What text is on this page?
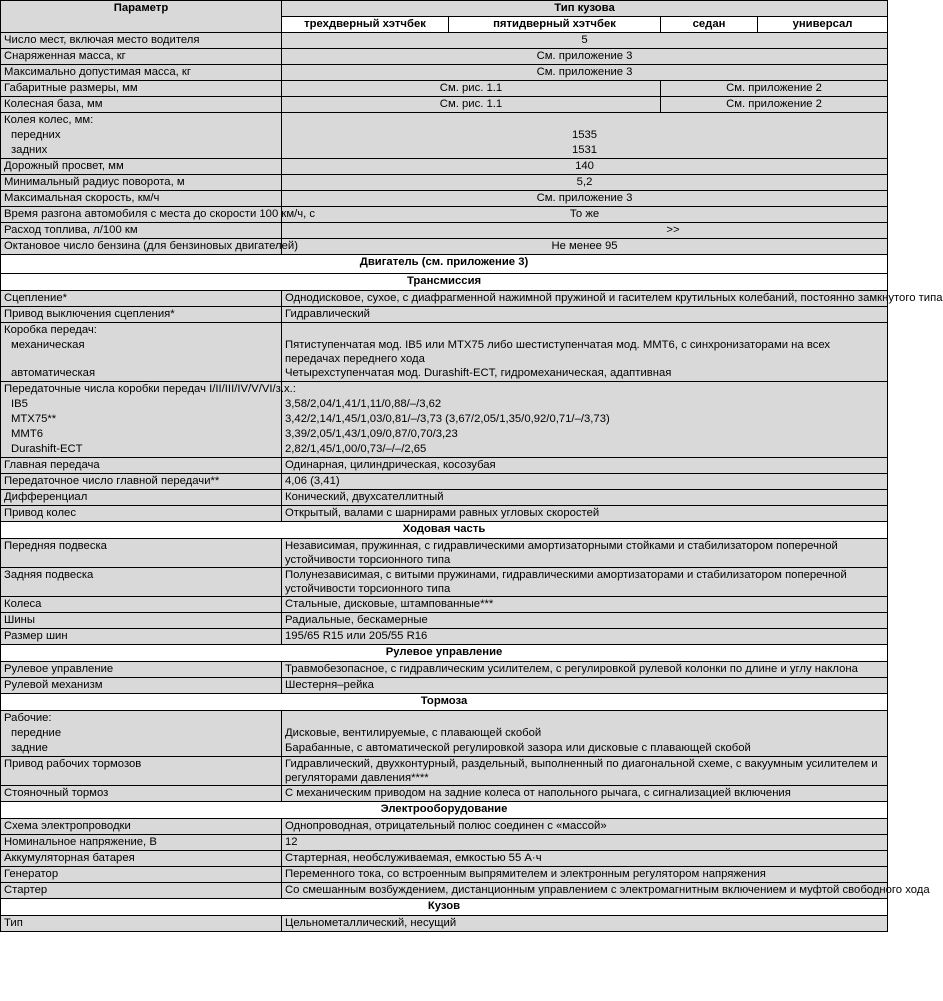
Параметр	Тип кузова			
	трехдверный хэтчбек	пятидверный хэтчбек	седан	универсал
Число мест, включая место водителя	5			
Снаряженная масса, кг	См. приложение 3			
Максимально допустимая масса, кг	См. приложение 3			
Габаритные размеры, мм	См. рис. 1.1		См. приложение 2	
Колесная база, мм	См. рис. 1.1		См. приложение 2	
Колея колес, мм:				
передних	1535			
задних	1531			
Дорожный просвет, мм	140			
Минимальный радиус поворота, м	5,2			
Максимальная скорость, км/ч	См. приложение 3			
Время разгона автомобиля с места до скорости 100 км/ч, с	То же			
Расход топлива, л/100 км	>>			
Октановое число бензина (для бензиновых двигателей)	Не менее 95			
Двигатель (см. приложение 3)				
Трансмиссия				
Сцепление*	Однодисковое, сухое, с диафрагменной нажимной пружиной и гасителем крутильных колебаний, постоянно замкнутого типа			
Привод выключения сцепления*	Гидравлический			
Коробка передач:				
механическая	Пятиступенчатая мод. IB5 или MTX75 либо шестиступенчатая мод. MMT6, с синхронизаторами на всех передачах переднего хода			
автоматическая	Четырехступенчатая мод. Durashift-ECT, гидромеханическая, адаптивная			
Передаточные числа коробки передач I/II/III/IV/V/VI/з.х.:				
IB5	3,58/2,04/1,41/1,11/0,88/–/3,62			
MTX75**	3,42/2,14/1,45/1,03/0,81/–/3,73 (3,67/2,05/1,35/0,92/0,71/–/3,73)			
MMT6	3,39/2,05/1,43/1,09/0,87/0,70/3,23			
Durashift-ECT	2,82/1,45/1,00/0,73/–/–/2,65			
Главная передача	Одинарная, цилиндрическая, косозубая			
Передаточное число главной передачи**	4,06 (3,41)			
Дифференциал	Конический, двухсателлитный			
Привод колес	Открытый, валами с шарнирами равных угловых скоростей			
Ходовая часть				
Передняя подвеска	Независимая, пружинная, с гидравлическими амортизаторными стойками и стабилизатором поперечной устойчивости торсионного типа			
Задняя подвеска	Полунезависимая, с витыми пружинами, гидравлическими амортизаторами и стабилизатором поперечной устойчивости торсионного типа			
Колеса	Стальные, дисковые, штампованные***			
Шины	Радиальные, бескамерные			
Размер шин	195/65 R15 или 205/55 R16			
Рулевое управление				
Рулевое управление	Травмобезопасное, с гидравлическим усилителем, с регулировкой рулевой колонки по длине и углу наклона			
Рулевой механизм	Шестерня–рейка			
Тормоза				
Рабочие:				
передние	Дисковые, вентилируемые, с плавающей скобой			
задние	Барабанные, с автоматической регулировкой зазора или дисковые с плавающей скобой			
Привод рабочих тормозов	Гидравлический, двухконтурный, раздельный, выполненный по диагональной схеме, с вакуумным усилителем и регуляторами давления****			
Стояночный тормоз	С механическим приводом на задние колеса от напольного рычага, с сигнализацией включения			
Электрооборудование				
Схема электропроводки	Однопроводная, отрицательный полюс соединен с «массой»			
Номинальное напряжение, В	12			
Аккумуляторная батарея	Стартерная, необслуживаемая, емкостью 55 А·ч			
Генератор	Переменного тока, со встроенным выпрямителем и электронным регулятором напряжения			
Стартер	Со смешанным возбуждением, дистанционным управлением с электромагнитным включением и муфтой свободного хода			
Кузов				
Тип	Цельнометаллический, несущий			
